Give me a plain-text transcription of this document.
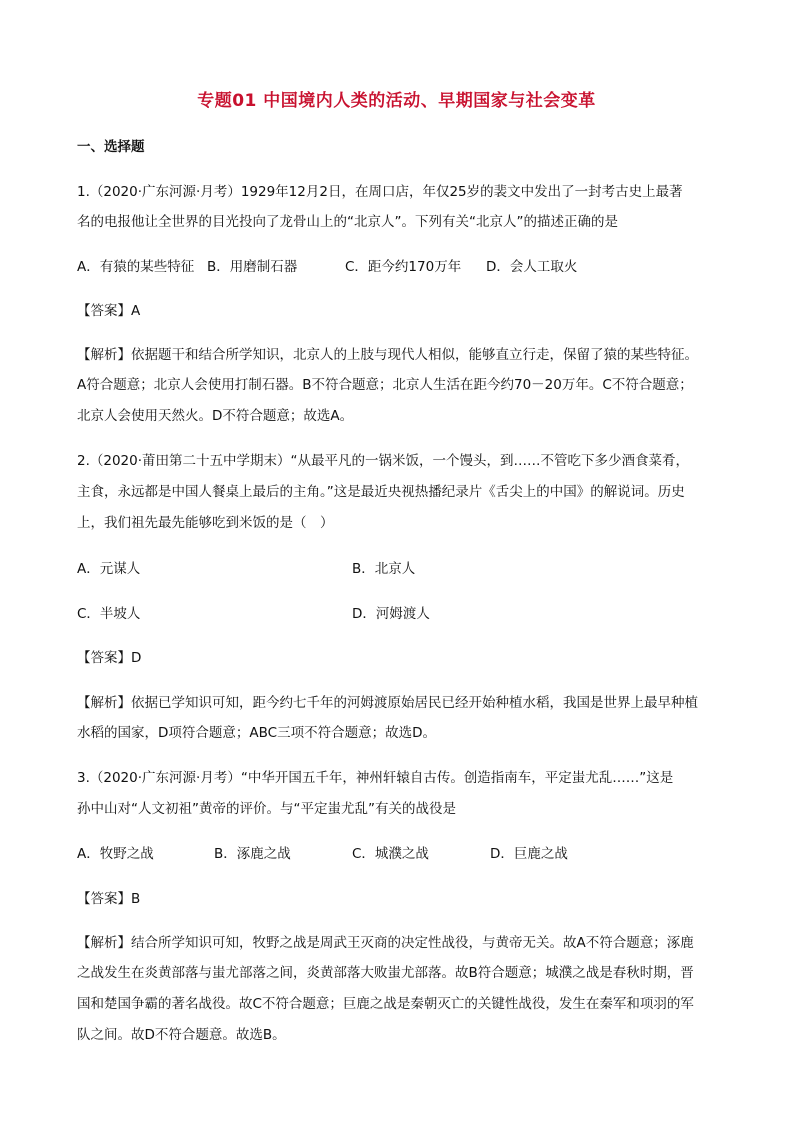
专题01 中国境内人类的活动、早期国家与社会变革
一、选择题
1.（2020·广东河源·月考）1929年12月2日，在周口店，年仅25岁的裴文中发出了一封考古史上最著
名的电报他让全世界的目光投向了龙骨山上的“北京人”。下列有关“北京人”的描述正确的是
A．有猿的某些特征 B．用磨制石器	C．距今约170万年 D．会人工取火
【答案】A
【解析】依据题干和结合所学知识，北京人的上肢与现代人相似，能够直立行走，保留了猿的某些特征。
A符合题意；北京人会使用打制石器。B不符合题意；北京人生活在距今约70－20万年。C不符合题意；
北京人会使用天然火。D不符合题意；故选A。
2.（2020·莆田第二十五中学期末）“从最平凡的一锅米饭，一个馒头，到……不管吃下多少酒食菜肴，
主食，永远都是中国人餐桌上最后的主角。”这是最近央视热播纪录片《舌尖上的中国》的解说词。历史
上，我们祖先最先能够吃到米饭的是（　）
A．元谋人	B．北京人
C．半坡人	D．河姆渡人
【答案】D
【解析】依据已学知识可知，距今约七千年的河姆渡原始居民已经开始种植水稻，我国是世界上最早种植
水稻的国家，D项符合题意；ABC三项不符合题意；故选D。
3.（2020·广东河源·月考）“中华开国五千年，神州轩辕自古传。创造指南车，平定蚩尤乱……”这是
孙中山对“人文初祖”黄帝的评价。与“平定蚩尤乱”有关的战役是
A．牧野之战	B．涿鹿之战	C．城濮之战	D．巨鹿之战
【答案】B
【解析】结合所学知识可知，牧野之战是周武王灭商的决定性战役，与黄帝无关。故A不符合题意；涿鹿
之战发生在炎黄部落与蚩尤部落之间，炎黄部落大败蚩尤部落。故B符合题意；城濮之战是春秋时期，晋
国和楚国争霸的著名战役。故C不符合题意；巨鹿之战是秦朝灭亡的关键性战役，发生在秦军和项羽的军
队之间。故D不符合题意。故选B。
